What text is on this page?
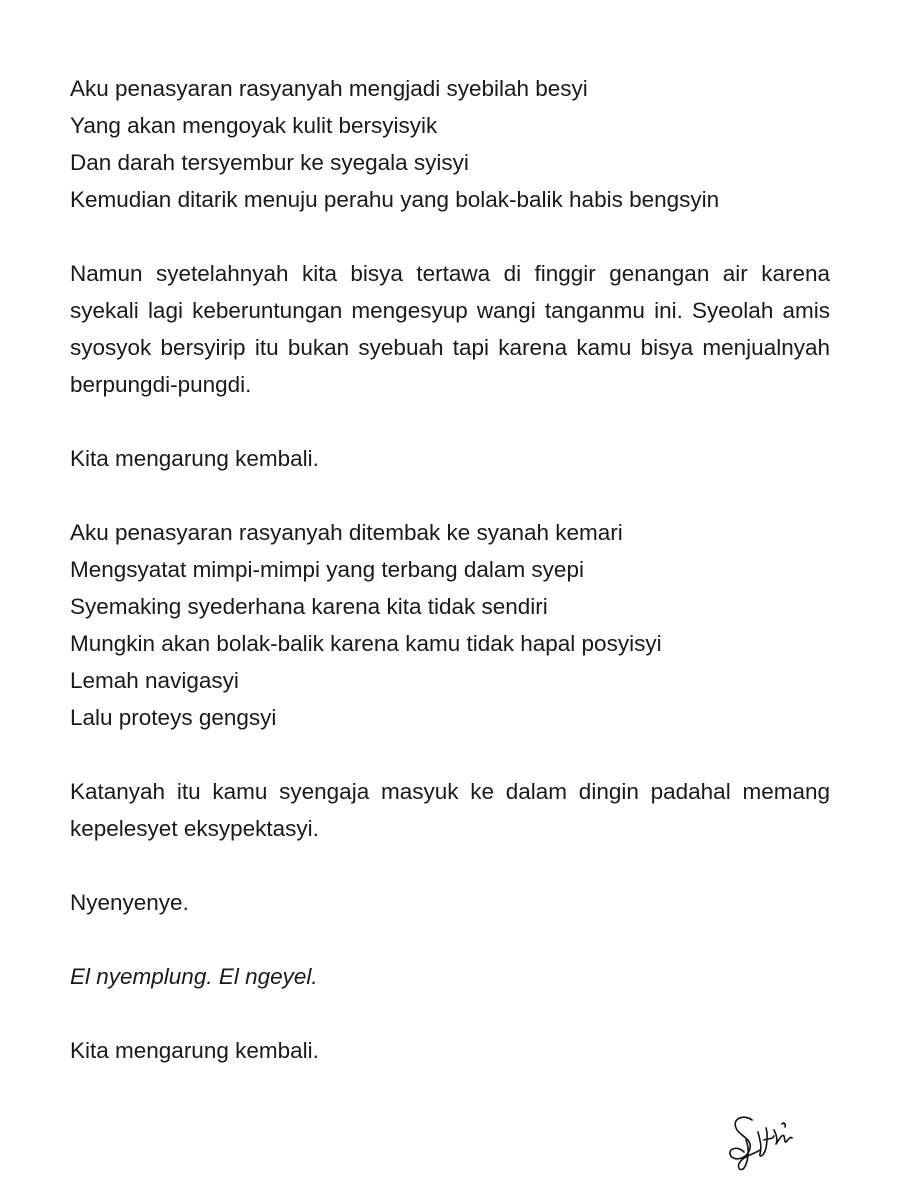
Aku penasyaran rasyanyah mengjadi syebilah besyi
Yang akan mengoyak kulit bersyisyik
Dan darah tersyembur ke syegala syisyi
Kemudian ditarik menuju perahu yang bolak-balik habis bengsyin
Namun syetelahnyah kita bisya tertawa di finggir genangan air karena syekali lagi keberuntungan mengesyup wangi tanganmu ini. Syeolah amis syosyok bersyirip itu bukan syebuah tapi karena kamu bisya menjualnyah berpungdi-pungdi.
Kita mengarung kembali.
Aku penasyaran rasyanyah ditembak ke syanah kemari
Mengsyatat mimpi-mimpi yang terbang dalam syepi
Syemaking syederhana karena kita tidak sendiri
Mungkin akan bolak-balik karena kamu tidak hapal posyisyi
Lemah navigasyi
Lalu proteys gengsyi
Katanyah itu kamu syengaja masyuk ke dalam dingin padahal memang kepelesyet eksypektasyi.
Nyenyenye.
El nyemplung. El ngeyel.
Kita mengarung kembali.
